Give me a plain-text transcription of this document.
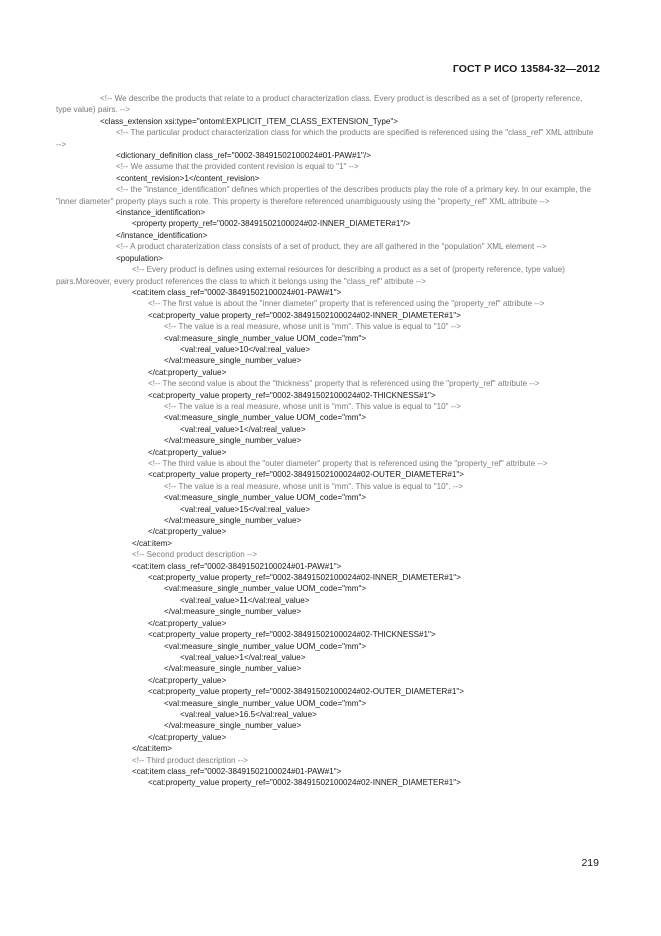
ГОСТ Р ИСО 13584-32—2012
<!-- We describe the products that relate to a product characterization class. Every product is described as a set of (property reference, type value) pairs. -->
<class_extension xsi:type="ontoml:EXPLICIT_ITEM_CLASS_EXTENSION_Type">
<!-- The particular product characterization class for which the products are specified is referenced using the "class_ref" XML attribute -->
<dictionary_definition class_ref="0002-38491502100024#01-PAW#1"/>
<!-- We assume that the provided content revision is equal to "1" -->
<content_revision>1</content_revision>
<!-- the "instance_identification" defines which properties of the describes products play the role of a primary key. In our example, the "inner diameter" property plays such a role. This property is therefore referenced unambiguously using the "property_ref" XML attribute -->
<instance_identification>
<property property_ref="0002-38491502100024#02-INNER_DIAMETER#1"/>
</instance_identification>
<!-- A product charaterization class consists of a set of product, they are all gathered in the "population" XML element -->
<population>
<!-- Every product is defines using external resources for describing a product as a set of (property reference, type value) pairs.Moreover, every product references the class to which it belongs using the "class_ref" attribute -->
<cat:item class_ref="0002-38491502100024#01-PAW#1">
<!-- The first value is about the "inner diameter" property that is referenced using the "property_ref" attribute -->
<cat:property_value property_ref="0002-38491502100024#02-INNER_DIAMETER#1">
<!-- The value is a real measure, whose unit is "mm". This value is equal to "10" -->
<val:measure_single_number_value UOM_code="mm">
<val:real_value>10</val:real_value>
</val:measure_single_number_value>
</cat:property_value>
<!-- The second value is about the "thickness" property that is referenced using the "property_ref" attribute -->
<cat:property_value property_ref="0002-38491502100024#02-THICKNESS#1">
<!-- The value is a real measure, whose unit is "mm". This value is equal to "10" -->
<val:measure_single_number_value UOM_code="mm">
<val:real_value>1</val:real_value>
</val:measure_single_number_value>
</cat:property_value>
<!-- The third value is about the "outer diameter" property that is referenced using the "property_ref" attribute -->
<cat:property_value property_ref="0002-38491502100024#02-OUTER_DIAMETER#1">
<!-- The value is a real measure, whose unit is "mm". This value is equal to "10". -->
<val:measure_single_number_value UOM_code="mm">
<val:real_value>15</val:real_value>
</val:measure_single_number_value>
</cat:property_value>
</cat:item>
<!-- Second product description -->
<cat:item class_ref="0002-38491502100024#01-PAW#1">
<cat:property_value property_ref="0002-38491502100024#02-INNER_DIAMETER#1">
<val:measure_single_number_value UOM_code="mm">
<val:real_value>11</val:real_value>
</val:measure_single_number_value>
</cat:property_value>
<cat:property_value property_ref="0002-38491502100024#02-THICKNESS#1">
<val:measure_single_number_value UOM_code="mm">
<val:real_value>1</val:real_value>
</val:measure_single_number_value>
</cat:property_value>
<cat:property_value property_ref="0002-38491502100024#02-OUTER_DIAMETER#1">
<val:measure_single_number_value UOM_code="mm">
<val:real_value>16.5</val:real_value>
</val:measure_single_number_value>
</cat:property_value>
</cat:item>
<!-- Third product description -->
<cat:item class_ref="0002-38491502100024#01-PAW#1">
<cat:property_value property_ref="0002-38491502100024#02-INNER_DIAMETER#1">
219
